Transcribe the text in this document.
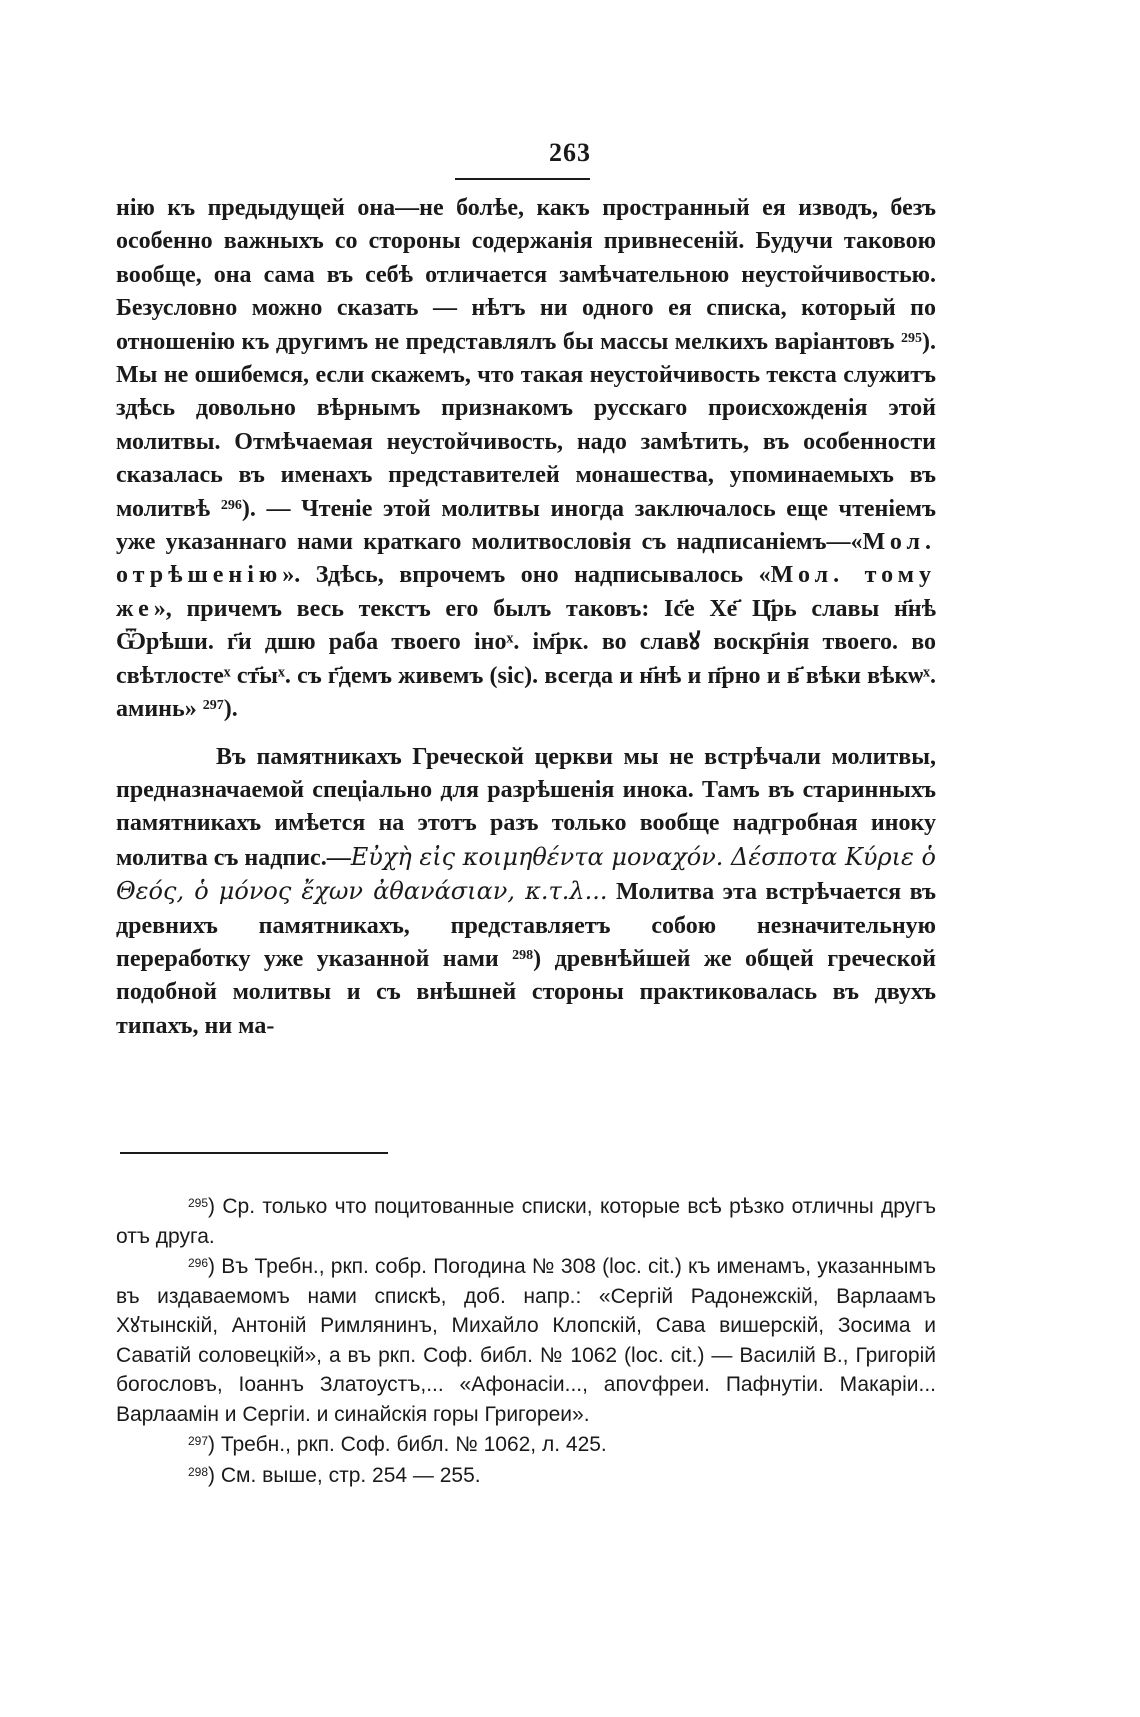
263

нію къ предыдущей она—не болѣе, какъ пространный ея изводъ, безъ особенно важныхъ со стороны содержанія привнесеній. Будучи таковою вообще, она сама въ себѣ отличается замѣчательною неустойчивостью. Безусловно можно сказать — нѣтъ ни одного ея списка, который по отношенію къ другимъ не представлялъ бы массы мелкихъ варіантовъ $^{295}$). Мы не ошибемся, если скажемъ, что такая неустойчивость текста служитъ здѣсь довольно вѣрнымъ признакомъ русскаго происхожденія этой молитвы. Отмѣчаемая неустойчивость, надо замѣтить, въ особенности сказалась въ именахъ представителей монашества, упоминаемыхъ въ молитвѣ $^{296}$). — Чтеніе этой молитвы иногда заключалось еще чтеніемъ уже указаннаго нами краткаго молитвословія съ надписаніемъ—«Мол. отрѣшенію». Здѣсь, впрочемъ оно надписывалось «Мол. тому же», причемъ весь текстъ его былъ таковъ: Iс҃е Хе҃ Ц҃рь славы н҃нѣ Ѿрѣши. г҃и дшю раба твоего іноˣ. ім҃рк. во славꙋ воскр҃нія твоего. во свѣтлостеˣ ст҃ыˣ. съ г҃демъ живемъ (sic). всегда и н҃нѣ и п҃рно и в҃ вѣки вѣкѡˣ. аминь» $^{297}$).

Въ памятникахъ Греческой церкви мы не встрѣчали молитвы, предназначаемой спеціально для разрѣшенія инока. Тамъ въ старинныхъ памятникахъ имѣется на этотъ разъ только вообще надгробная иноку молитва съ надпис.—Εὐχὴ εἰς κοιμηθέντα μοναχόν. Δέσποτα Κύριε ὁ Θεός, ὁ μόνος ἔχων ἀθανάσιαν, κ.τ.λ... Молитва эта встрѣчается въ древнихъ памятникахъ, представляетъ собою незначительную переработку уже указанной нами $^{298}$) древнѣйшей же общей греческой подобной молитвы и съ внѣшней стороны практиковалась въ двухъ типахъ, ни ма-

$^{295}$) Ср. только что поцитованные списки, которые всѣ рѣзко отличны другъ отъ друга.

$^{296}$) Въ Требн., ркп. собр. Погодина № 308 (loc. cit.) къ именамъ, указаннымъ въ издаваемомъ нами спискѣ, доб. напр.: «Сергій Радонежскій, Варлаамъ Хꙋтынскій, Антоній Римлянинъ, Михайло Клопскій, Сава вишерскій, Зосима и Саватій соловецкій», а въ ркп. Соф. библ. № 1062 (loc. cit.) — Василій В., Григорій богословъ, Іоаннъ Златоустъ,... «Афонасіи..., апоѵфреи. Пафнутіи. Макаріи... Варлаамін и Сергіи. и синайскія горы Григореи».

$^{297}$) Требн., ркп. Соф. библ. № 1062, л. 425.

$^{298}$) См. выше, стр. 254 — 255.
